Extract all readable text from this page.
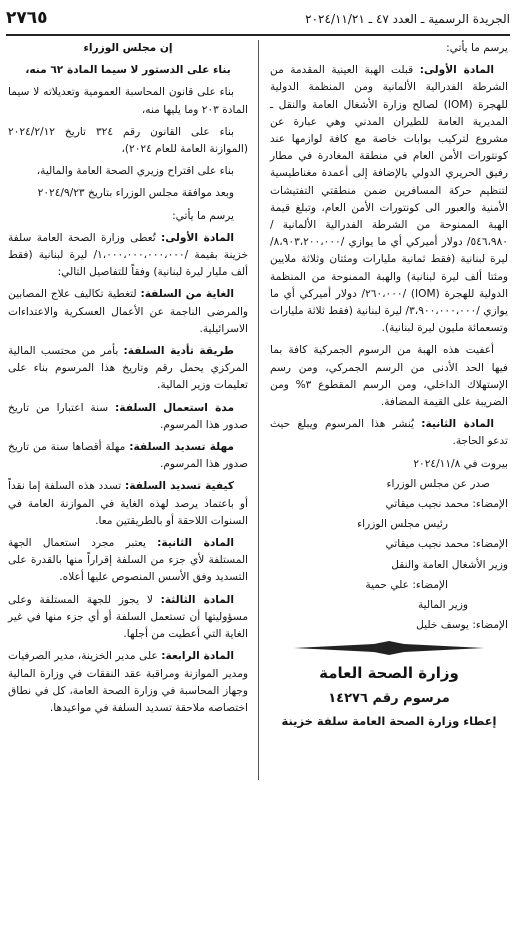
الجريدة الرسمية ـ العدد ٤٧ ـ ٢٠٢٤/١١/٢١
٢٧٦٥

يرسم ما يأتي:

المادة الأولى: قبلت الهبة العينية المقدمة من الشرطة الفدرالية الألمانية ومن المنظمة الدولية للهجرة (IOM) لصالح وزارة الأشغال العامة والنقل ـ المديرية العامة للطيران المدني وهي عبارة عن مشروع لتركيب بوابات خاصة مع كافة لوازمها عند كونتورات الأمن العام في منطقة المغادرة في مطار رفيق الحريري الدولي بالإضافة إلى أعمدة مغناطيسية لتنظيم حركة المسافرين ضمن منطقتي التفتيشات الأمنية والعبور الى كونتورات الأمن العام، وتبلغ قيمة الهبة الممنوحة من الشرطة الفدرالية الألمانية /٥٤٦،٩٨٠/ دولار أميركي أي ما يوازي /٨،٩٠٣،٢٠٠،٠٠٠/ ليرة لبنانية (فقط ثمانية مليارات ومئتان وثلاثة ملايين ومئتا ألف ليرة لبنانية) والهبة الممنوحة من المنظمة الدولية للهجرة (IOM) /٢٦٠،٠٠٠/ دولار أميركي أي ما يوازي /٣،٩٠٠،٠٠٠،٠٠٠/ ليرة لبنانية (فقط ثلاثة مليارات وتسعمائة مليون ليرة لبنانية).

أعفيت هذه الهبة من الرسوم الجمركية كافة بما فيها الحد الأدنى من الرسم الجمركي، ومن رسم الإستهلاك الداخلي، ومن الرسم المقطوع ٣% ومن الضريبة على القيمة المضافة.

المادة الثانية: يُنشر هذا المرسوم ويبلغ حيث تدعو الحاجة.

بيروت في ٢٠٢٤/١١/٨

صدر عن مجلس الوزراء

الإمضاء: محمد نجيب ميقاتي

رئيس مجلس الوزراء

الإمضاء: محمد نجيب ميقاتي

وزير الأشغال العامة والنقل

الإمضاء: علي حمية

وزير المالية

الإمضاء: يوسف خليل

وزارة الصحة العامة
مرسوم رقم ١٤٢٧٦
إعطاء وزارة الصحة العامة سلفة خزينة

إن مجلس الوزراء

بناء على الدستور لا سيما المادة ٦٢ منه،

بناء على قانون المحاسبة العمومية وتعديلاته لا سيما المادة ٢٠٣ وما يليها منه،

بناء على القانون رقم ٣٢٤ تاريخ ٢٠٢٤/٢/١٢ (الموازنة العامة للعام ٢٠٢٤)،

بناء على اقتراح وزيري الصحة العامة والمالية،

وبعد موافقة مجلس الوزراء بتاريخ ٢٠٢٤/٩/٢٣

يرسم ما يأتي:

المادة الأولى: تُعطى وزارة الصحة العامة سلفة خزينة بقيمة /١،٠٠٠،٠٠٠،٠٠٠،٠٠٠/ ليرة لبنانية (فقط ألف مليار ليرة لبنانية) وفقاً للتفاصيل التالي:

الغاية من السلفة: لتغطية تكاليف علاج المصابين والمرضى الناجمة عن الأعمال العسكرية والاعتداءات الاسرائيلية.

طريقة تأدية السلفة: بأمر من محتسب المالية المركزي يحمل رقم وتاريخ هذا المرسوم بناء على تعليمات وزير المالية.

مدة استعمال السلفة: سنة اعتبارا من تاريخ صدور هذا المرسوم.

مهلة تسديد السلفة: مهلة أقصاها سنة من تاريخ صدور هذا المرسوم.

كيفية تسديد السلفة: تسدد هذه السلفة إما نقداً أو باعتماد يرصد لهذه الغاية في الموازنة العامة في السنوات اللاحقة أو بالطريقتين معا.

المادة الثانية: يعتبر مجرد استعمال الجهة المستلفة لأي جزء من السلفة إقراراً منها بالقدرة على التسديد وفق الأسس المنصوص عليها أعلاه.

المادة الثالثة: لا يجوز للجهة المستلفة وعلى مسؤوليتها أن تستعمل السلفة أو أي جزء منها في غير الغاية التي أعطيت من أجلها.

المادة الرابعة: على مدير الخزينة، مدير الصرفيات ومدير الموازنة ومراقبة عقد النفقات في وزارة المالية وجهاز المحاسبة في وزارة الصحة العامة، كل في نطاق اختصاصه ملاحقة تسديد السلفة في مواعيدها.
